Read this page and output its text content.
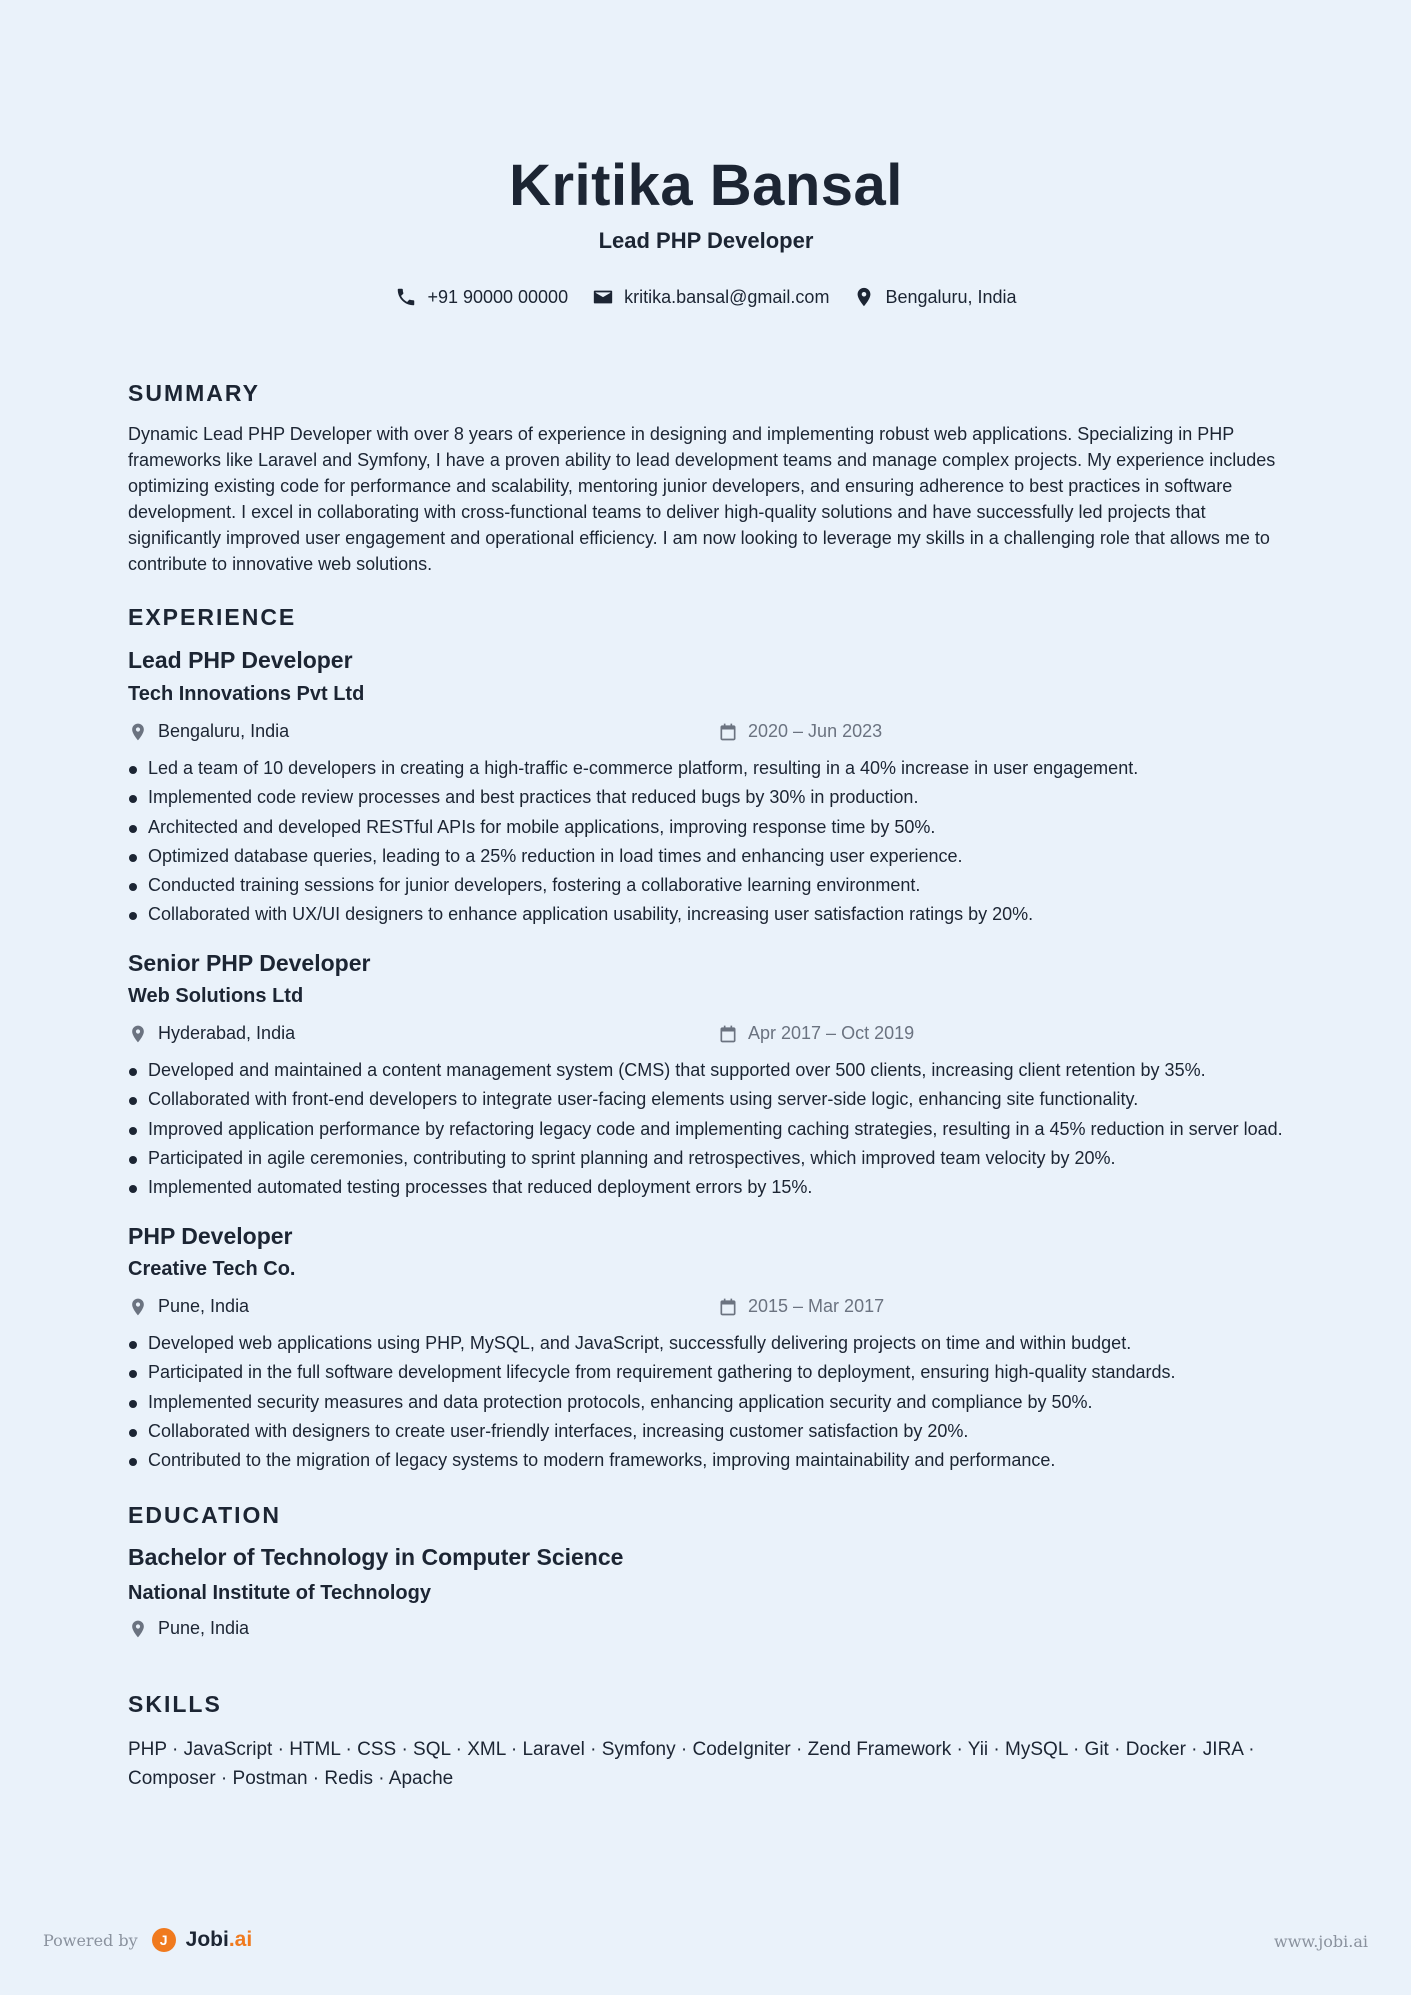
Kritika Bansal
Lead PHP Developer
+91 90000 00000	kritika.bansal@gmail.com	Bengaluru, India
SUMMARY
Dynamic Lead PHP Developer with over 8 years of experience in designing and implementing robust web applications. Specializing in PHP frameworks like Laravel and Symfony, I have a proven ability to lead development teams and manage complex projects. My experience includes optimizing existing code for performance and scalability, mentoring junior developers, and ensuring adherence to best practices in software development. I excel in collaborating with cross-functional teams to deliver high-quality solutions and have successfully led projects that significantly improved user engagement and operational efficiency. I am now looking to leverage my skills in a challenging role that allows me to contribute to innovative web solutions.
EXPERIENCE
Lead PHP Developer
Tech Innovations Pvt Ltd
Bengaluru, India	2020 – Jun 2023
Led a team of 10 developers in creating a high-traffic e-commerce platform, resulting in a 40% increase in user engagement.
Implemented code review processes and best practices that reduced bugs by 30% in production.
Architected and developed RESTful APIs for mobile applications, improving response time by 50%.
Optimized database queries, leading to a 25% reduction in load times and enhancing user experience.
Conducted training sessions for junior developers, fostering a collaborative learning environment.
Collaborated with UX/UI designers to enhance application usability, increasing user satisfaction ratings by 20%.
Senior PHP Developer
Web Solutions Ltd
Hyderabad, India	Apr 2017 – Oct 2019
Developed and maintained a content management system (CMS) that supported over 500 clients, increasing client retention by 35%.
Collaborated with front-end developers to integrate user-facing elements using server-side logic, enhancing site functionality.
Improved application performance by refactoring legacy code and implementing caching strategies, resulting in a 45% reduction in server load.
Participated in agile ceremonies, contributing to sprint planning and retrospectives, which improved team velocity by 20%.
Implemented automated testing processes that reduced deployment errors by 15%.
PHP Developer
Creative Tech Co.
Pune, India	2015 – Mar 2017
Developed web applications using PHP, MySQL, and JavaScript, successfully delivering projects on time and within budget.
Participated in the full software development lifecycle from requirement gathering to deployment, ensuring high-quality standards.
Implemented security measures and data protection protocols, enhancing application security and compliance by 50%.
Collaborated with designers to create user-friendly interfaces, increasing customer satisfaction by 20%.
Contributed to the migration of legacy systems to modern frameworks, improving maintainability and performance.
EDUCATION
Bachelor of Technology in Computer Science
National Institute of Technology
Pune, India
SKILLS
PHP · JavaScript · HTML · CSS · SQL · XML · Laravel · Symfony · CodeIgniter · Zend Framework · Yii · MySQL · Git · Docker · JIRA · Composer · Postman · Redis · Apache
Powered by	J Jobi.ai	www.jobi.ai
